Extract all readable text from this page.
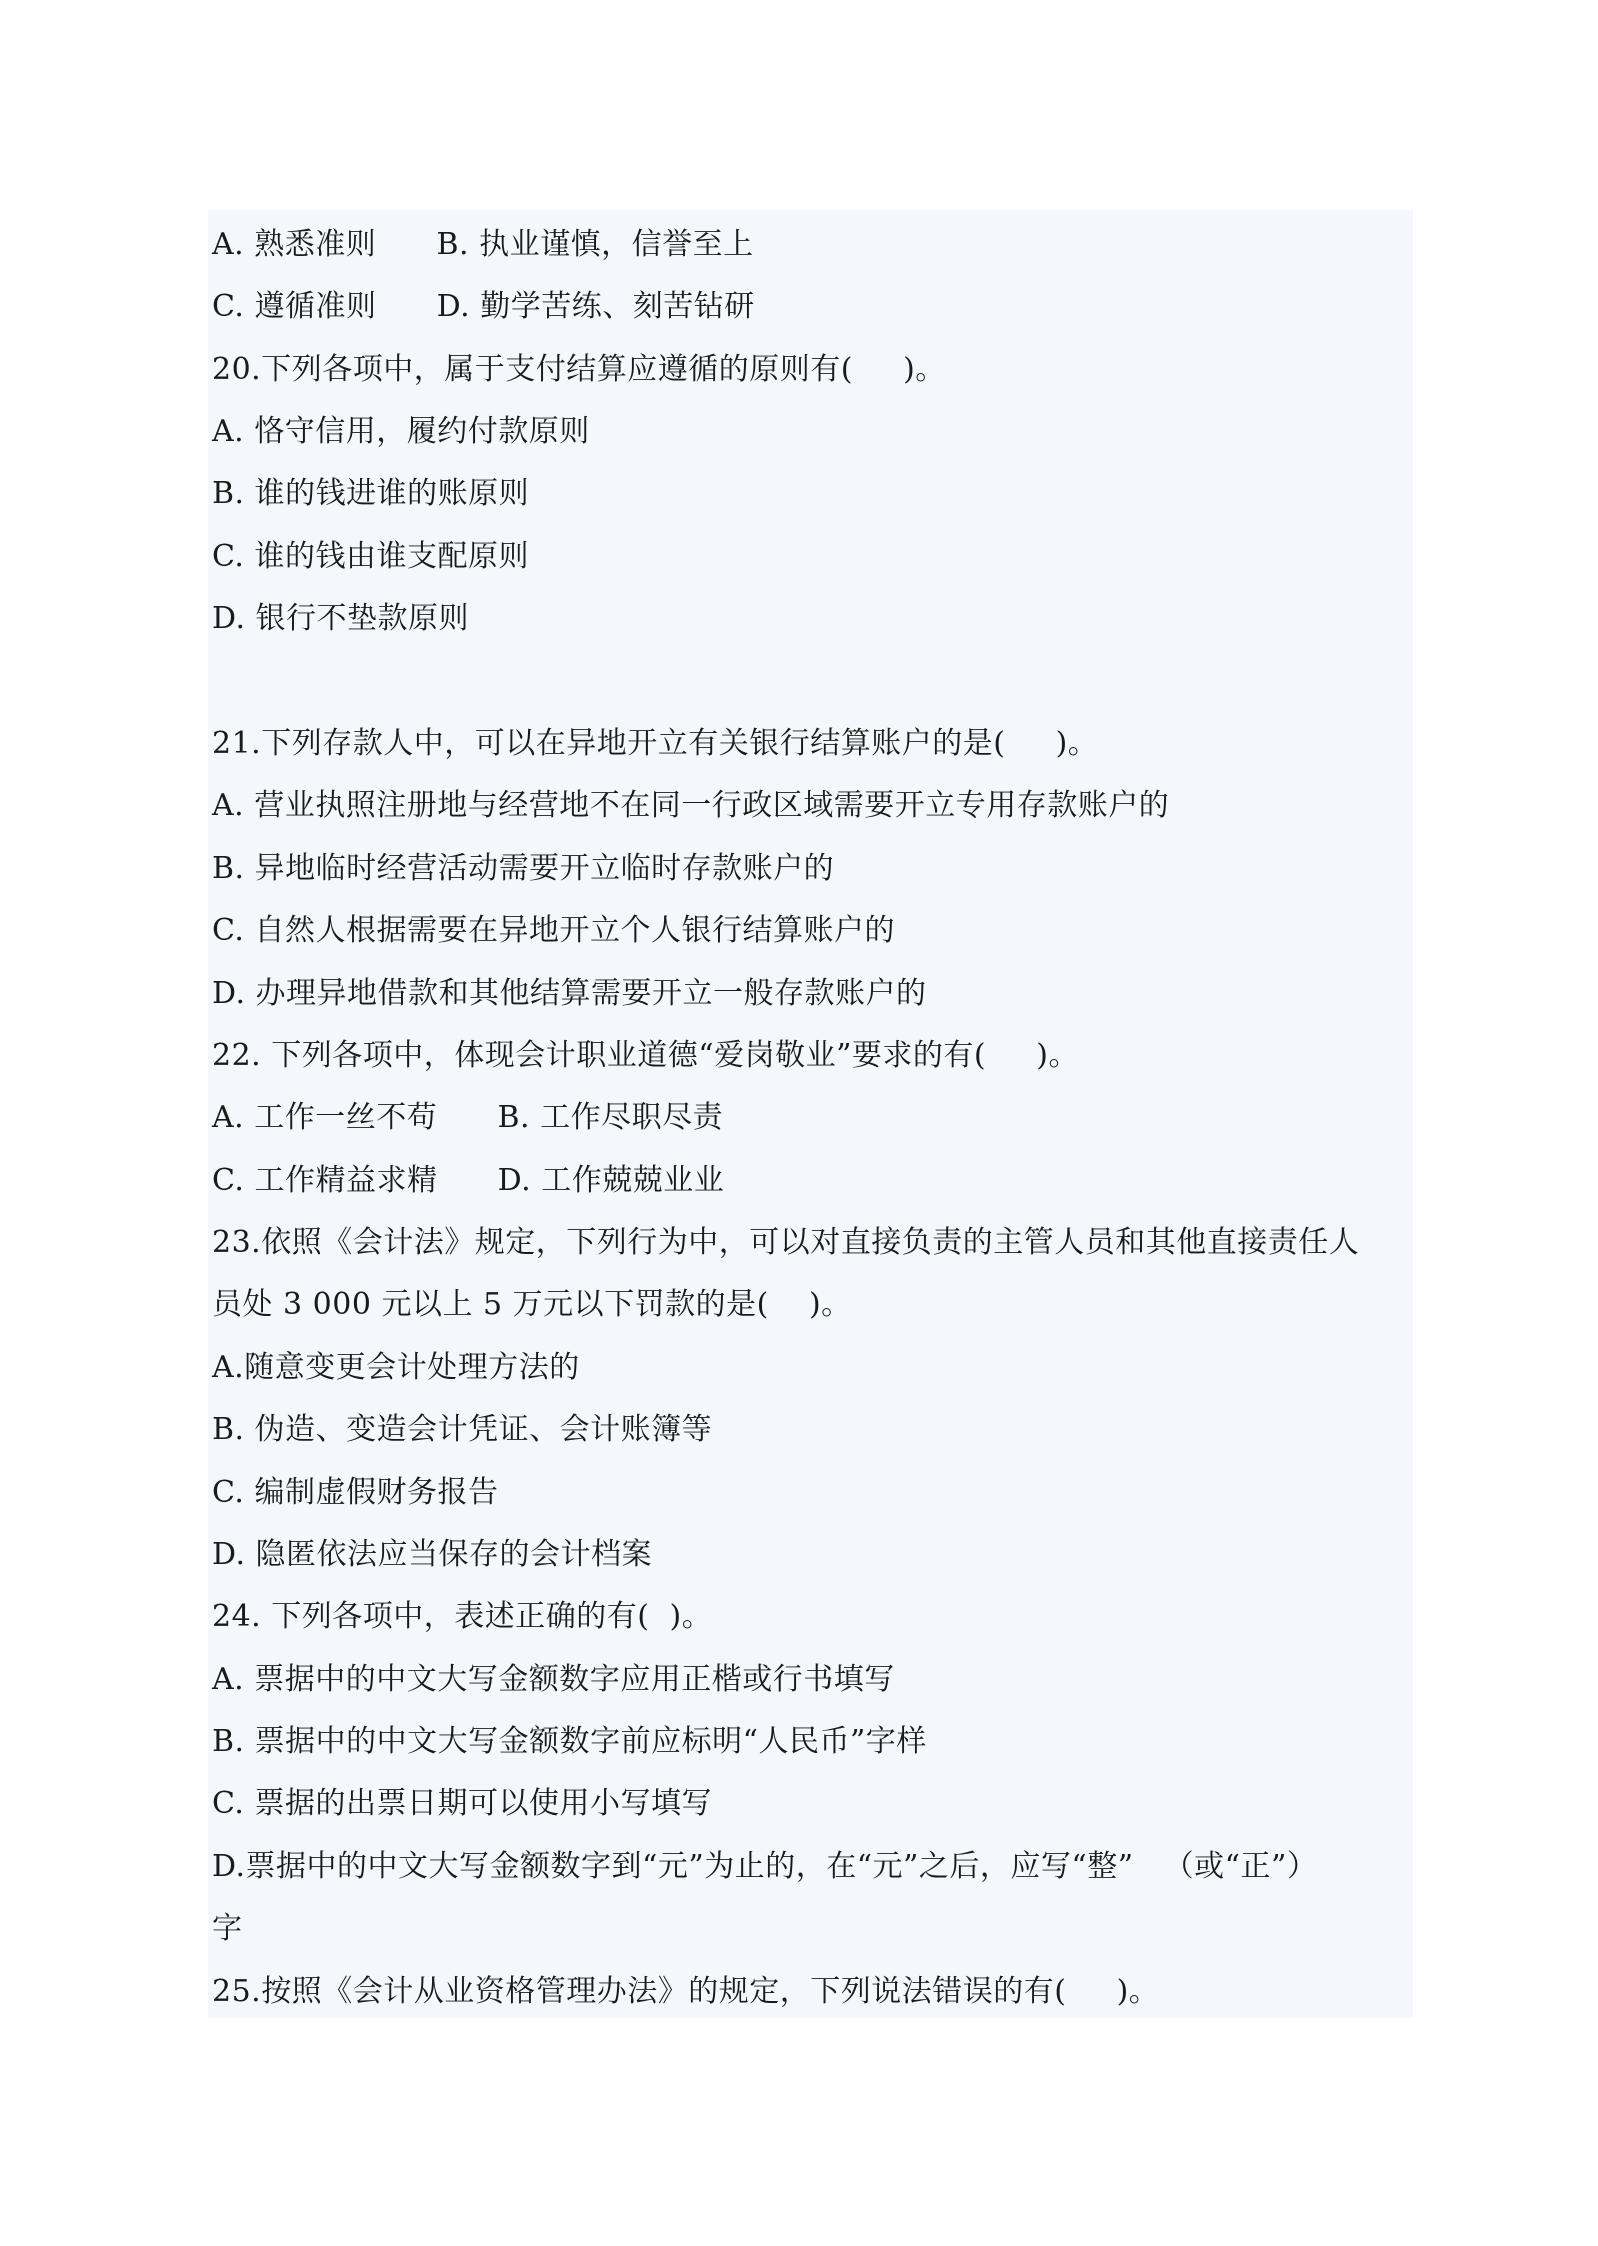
A. 熟悉准则      B. 执业谨慎，信誉至上
C. 遵循准则      D. 勤学苦练、刻苦钻研
20.下列各项中，属于支付结算应遵循的原则有(     )。
A. 恪守信用，履约付款原则
B. 谁的钱进谁的账原则
C. 谁的钱由谁支配原则
D. 银行不垫款原则
21.下列存款人中，可以在异地开立有关银行结算账户的是(     )。
A. 营业执照注册地与经营地不在同一行政区域需要开立专用存款账户的
B. 异地临时经营活动需要开立临时存款账户的
C. 自然人根据需要在异地开立个人银行结算账户的
D. 办理异地借款和其他结算需要开立一般存款账户的
22. 下列各项中，体现会计职业道德“爱岗敬业”要求的有(     )。
A. 工作一丝不苟      B. 工作尽职尽责
C. 工作精益求精      D. 工作兢兢业业
23.依照《会计法》规定，下列行为中，可以对直接负责的主管人员和其他直接责任人
员处 3 000 元以上 5 万元以下罚款的是(    )。
A.随意变更会计处理方法的
B. 伪造、变造会计凭证、会计账簿等
C. 编制虚假财务报告
D. 隐匿依法应当保存的会计档案
24. 下列各项中，表述正确的有(  )。
A. 票据中的中文大写金额数字应用正楷或行书填写
B. 票据中的中文大写金额数字前应标明“人民币”字样
C. 票据的出票日期可以使用小写填写
D.票据中的中文大写金额数字到“元”为止的，在“元”之后，应写“整”   （或“正”）
字
25.按照《会计从业资格管理办法》的规定，下列说法错误的有(     )。
